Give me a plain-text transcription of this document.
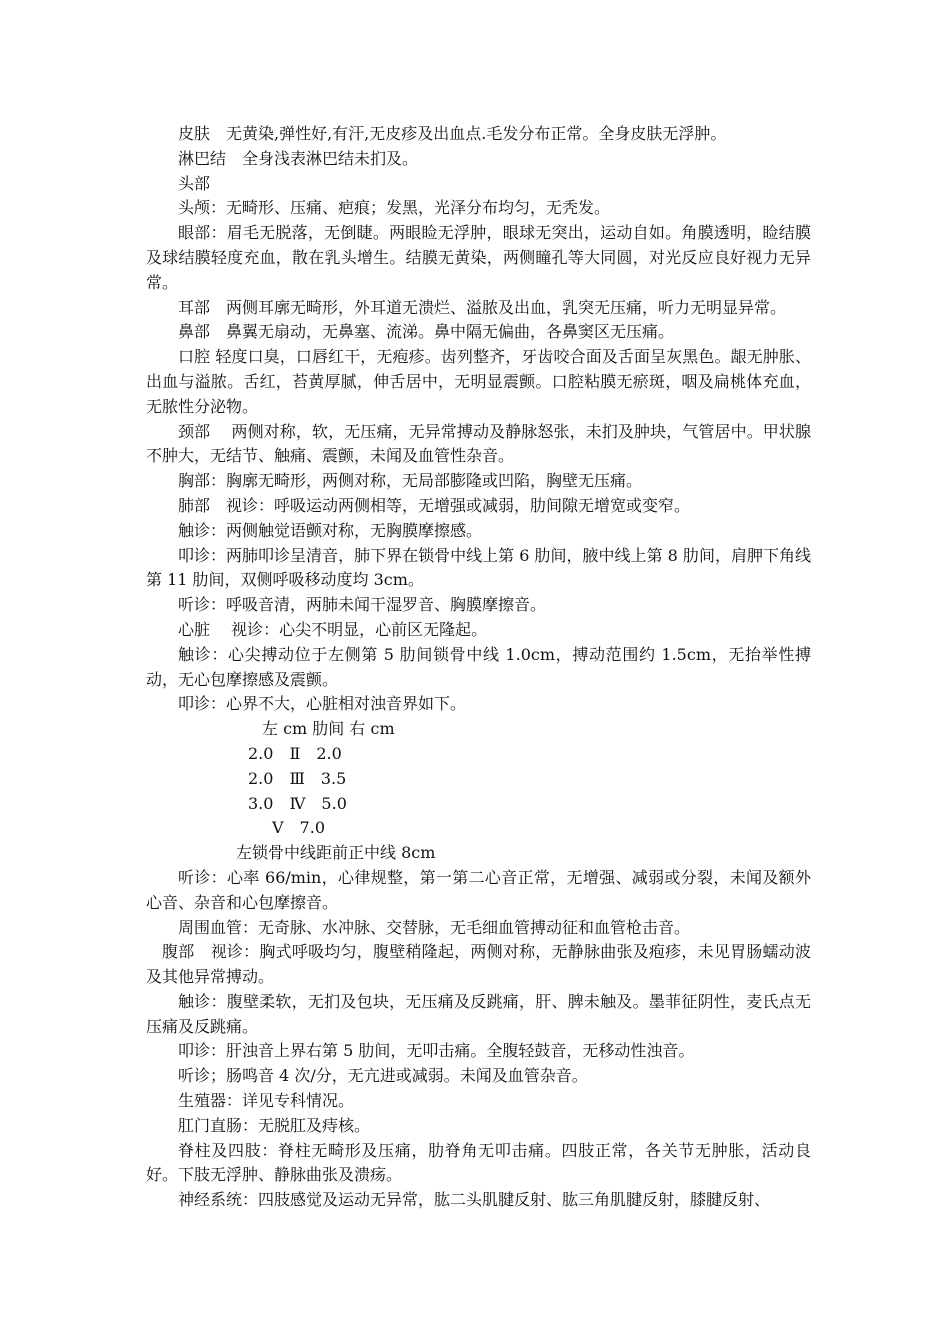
皮肤　无黄染,弹性好,有汗,无皮疹及出血点.毛发分布正常。全身皮肤无浮肿。

淋巴结　全身浅表淋巴结未扪及。

头部

头颅：无畸形、压痛、疤痕；发黑，光泽分布均匀，无秃发。

眼部：眉毛无脱落，无倒睫。两眼睑无浮肿，眼球无突出，运动自如。角膜透明，睑结膜及球结膜轻度充血，散在乳头增生。结膜无黄染，两侧瞳孔等大同圆，对光反应良好视力无异常。

耳部　两侧耳廓无畸形，外耳道无溃烂、溢脓及出血，乳突无压痛，听力无明显异常。

鼻部　鼻翼无扇动，无鼻塞、流涕。鼻中隔无偏曲，各鼻窦区无压痛。

口腔 轻度口臭，口唇红干，无疱疹。齿列整齐，牙齿咬合面及舌面呈灰黑色。龈无肿胀、出血与溢脓。舌红，苔黄厚腻，伸舌居中，无明显震颤。口腔粘膜无瘀斑，咽及扁桃体充血，无脓性分泌物。

颈部　 两侧对称，软，无压痛，无异常搏动及静脉怒张，未扪及肿块，气管居中。甲状腺不肿大，无结节、触痛、震颤，未闻及血管性杂音。

胸部：胸廓无畸形，两侧对称，无局部膨隆或凹陷，胸壁无压痛。

肺部　视诊：呼吸运动两侧相等，无增强或减弱，肋间隙无增宽或变窄。

触诊：两侧触觉语颤对称，无胸膜摩擦感。

叩诊：两肺叩诊呈清音，肺下界在锁骨中线上第 6 肋间，腋中线上第 8 肋间，肩胛下角线第 11 肋间，双侧呼吸移动度均 3cm。

听诊：呼吸音清，两肺未闻干湿罗音、胸膜摩擦音。

心脏　 视诊：心尖不明显，心前区无隆起。

触诊：心尖搏动位于左侧第 5 肋间锁骨中线 1.0cm，搏动范围约 1.5cm，无抬举性搏动，无心包摩擦感及震颤。

叩诊：心界不大，心脏相对浊音界如下。

左 cm 肋间 右 cm

2.0　Ⅱ　2.0

2.0　Ⅲ　3.5

3.0　Ⅳ　5.0

Ⅴ　7.0

左锁骨中线距前正中线 8cm

听诊：心率 66/min，心律规整，第一第二心音正常，无增强、减弱或分裂，未闻及额外心音、杂音和心包摩擦音。

周围血管：无奇脉、水冲脉、交替脉，无毛细血管搏动征和血管枪击音。

腹部　视诊：胸式呼吸均匀，腹壁稍隆起，两侧对称，无静脉曲张及疱疹，未见胃肠蠕动波及其他异常搏动。

触诊：腹壁柔软，无扪及包块，无压痛及反跳痛，肝、脾未触及。墨菲征阴性，麦氏点无压痛及反跳痛。

叩诊：肝浊音上界右第 5 肋间，无叩击痛。全腹轻鼓音，无移动性浊音。

听诊；肠鸣音 4 次/分，无亢进或减弱。未闻及血管杂音。

生殖器：详见专科情况。

肛门直肠：无脱肛及痔核。

脊柱及四肢：脊柱无畸形及压痛，肋脊角无叩击痛。四肢正常，各关节无肿胀，活动良好。下肢无浮肿、静脉曲张及溃疡。

神经系统：四肢感觉及运动无异常，肱二头肌腱反射、肱三角肌腱反射，膝腱反射、
